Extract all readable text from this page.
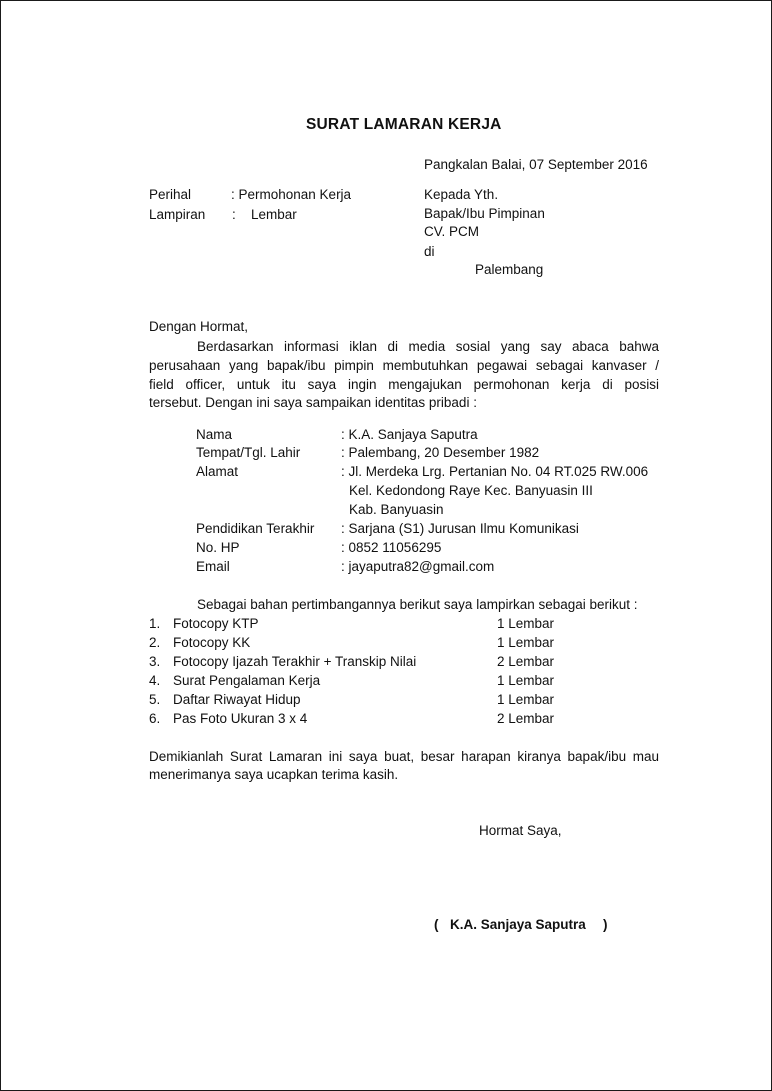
SURAT LAMARAN KERJA
Pangkalan Balai, 07 September 2016
Perihal	: Permohonan Kerja
Lampiran : Lembar
Kepada Yth.
Bapak/Ibu Pimpinan
CV. PCM
di
Palembang
Dengan Hormat,
Berdasarkan informasi iklan di media sosial yang say abaca bahwa
perusahaan yang bapak/ibu pimpin membutuhkan pegawai sebagai kanvaser /
field officer, untuk itu saya ingin mengajukan permohonan kerja di posisi
tersebut. Dengan ini saya sampaikan identitas pribadi :
Nama	: K.A. Sanjaya Saputra
Tempat/Tgl. Lahir	: Palembang, 20 Desember 1982
Alamat	: Jl. Merdeka Lrg. Pertanian No. 04 RT.025 RW.006
Kel. Kedondong Raye Kec. Banyuasin III
Kab. Banyuasin
Pendidikan Terakhir : Sarjana (S1) Jurusan Ilmu Komunikasi
No. HP	: 0852 11056295
Email	: jayaputra82@gmail.com
Sebagai bahan pertimbangannya berikut saya lampirkan sebagai berikut :
1. Fotocopy KTP	1 Lembar
2. Fotocopy KK	1 Lembar
3. Fotocopy Ijazah Terakhir + Transkip Nilai	2 Lembar
4. Surat Pengalaman Kerja	1 Lembar
5. Daftar Riwayat Hidup	1 Lembar
6. Pas Foto Ukuran 3 x 4	2 Lembar
Demikianlah Surat Lamaran ini saya buat, besar harapan kiranya bapak/ibu mau
menerimanya saya ucapkan terima kasih.
Hormat Saya,
( K.A. Sanjaya Saputra )
